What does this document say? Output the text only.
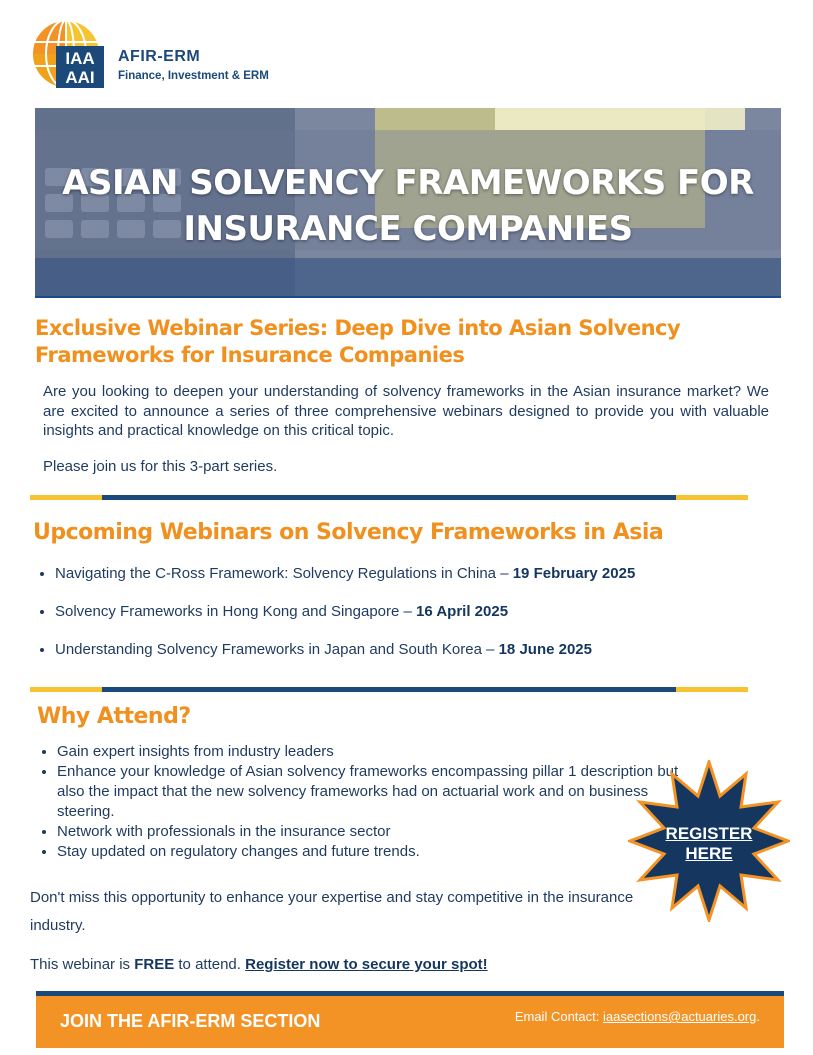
IAA
AAI
AFIR-ERM
Finance, Investment & ERM
ASIAN SOLVENCY FRAMEWORKS FOR
INSURANCE COMPANIES
Exclusive Webinar Series: Deep Dive into Asian Solvency Frameworks for Insurance Companies
Are you looking to deepen your understanding of solvency frameworks in the Asian insurance market? We are excited to announce a series of three comprehensive webinars designed to provide you with valuable insights and practical knowledge on this critical topic.
Please join us for this 3-part series.
Upcoming Webinars on Solvency Frameworks in Asia
• Navigating the C-Ross Framework: Solvency Regulations in China – 19 February 2025
• Solvency Frameworks in Hong Kong and Singapore – 16 April 2025
• Understanding Solvency Frameworks in Japan and South Korea – 18 June 2025
Why Attend?
• Gain expert insights from industry leaders
• Enhance your knowledge of Asian solvency frameworks encompassing pillar 1 description but also the impact that the new solvency frameworks had on actuarial work and on business steering.
• Network with professionals in the insurance sector
• Stay updated on regulatory changes and future trends.
REGISTER
HERE
Don't miss this opportunity to enhance your expertise and stay competitive in the insurance industry.
This webinar is FREE to attend. Register now to secure your spot!
JOIN THE AFIR-ERM SECTION	Email Contact: iaasections@actuaries.org.
